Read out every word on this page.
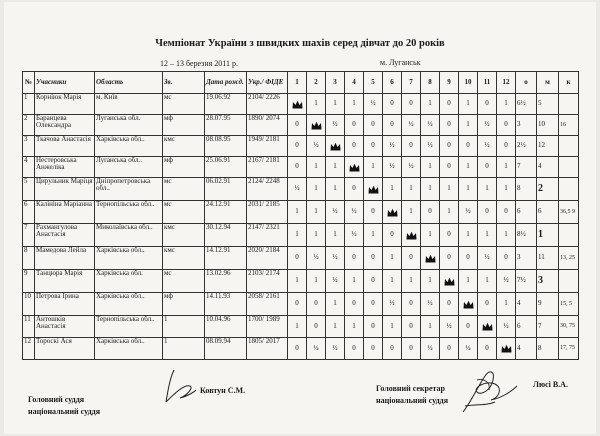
Чемпіонат України з швидких шахів серед дівчат до 20 років
12 – 13 березня 2011 р.	м. Луганськ
№	Учасники	Область	Зв.	Дата рожд.	Укр./ ФІДЕ	1	2	3	4	5	6	7	8	9	10	11	12	о	м	к
1	Корнiюк Марiя	м. Київ	мс	19.06.92	2104/ 2226		1	1	1	½	0	0	1	0	1	0	1	6½	5	
2	Баранцева Олександра	Луганська обл.	мф	28.07.95	1890/ 2074	0		½	0	0	0	½	½	0	1	½	0	3	10	16
3	Ткачова Анастасія	Харківська обл..	кмс	08.08.95	1949/ 2181	0	½		0	0	½	0	½	0	0	½	0	2½	12	
4	Нестеровська Анжеліка	Луганська обл..	мф	25.06.91	2167/ 2181	0	1	1		1	½	½	1	0	1	0	1	7	4	
5	Цирульник Марiця	Дніпропетровська обл..	мс	06.02.91	2124/ 2248	½	1	1	0		1	1	1	1	1	1	1	8	2	
6	Калініна Маріанна	Тернопільська обл..	мс	24.12.91	2031/ 2185	1	1	½	½	0		1	0	1	½	0	0	6	6	36,5 9
7	Рахмангулова Анастасія	Миколаївська обл..	кмс	30.12.94	2147/ 2321	1	1	1	½	1	0		1	0	1	1	1	8½	1	
8	Мамедова Лейла	Харківська обл..	кмс	14.12.91	2020/ 2184	0	½	½	0	0	1	0		0	0	½	0	3	11	13, 25
9	Танцюра Марiя	Харківська обл.	мс	13.02.96	2103/ 2174	1	1	½	1	0	1	1	1		1	1	½	7½	3	
10	Петрова Ірина	Харківська обл..	мф	14.11.93	2058/ 2161	0	0	1	0	0	½	0	½	0		0	1	4	9	15, 5
11	Антошків Анастасія	Тернопільська обл..	1	10.04.96	1700/ 1989	1	0	1	1	0	1	0	1	½	0		½	6	7	30, 75
12	Тороскі Ася	Харківська обл..	1	08.09.94	1805/ 2017	0	½	½	0	0	0	0	½	0	½	0		4	8	17, 75
Головний суддя
національний суддя
Ковтун С.М.	Головний секретар
національний суддя
Люсі В.А.
